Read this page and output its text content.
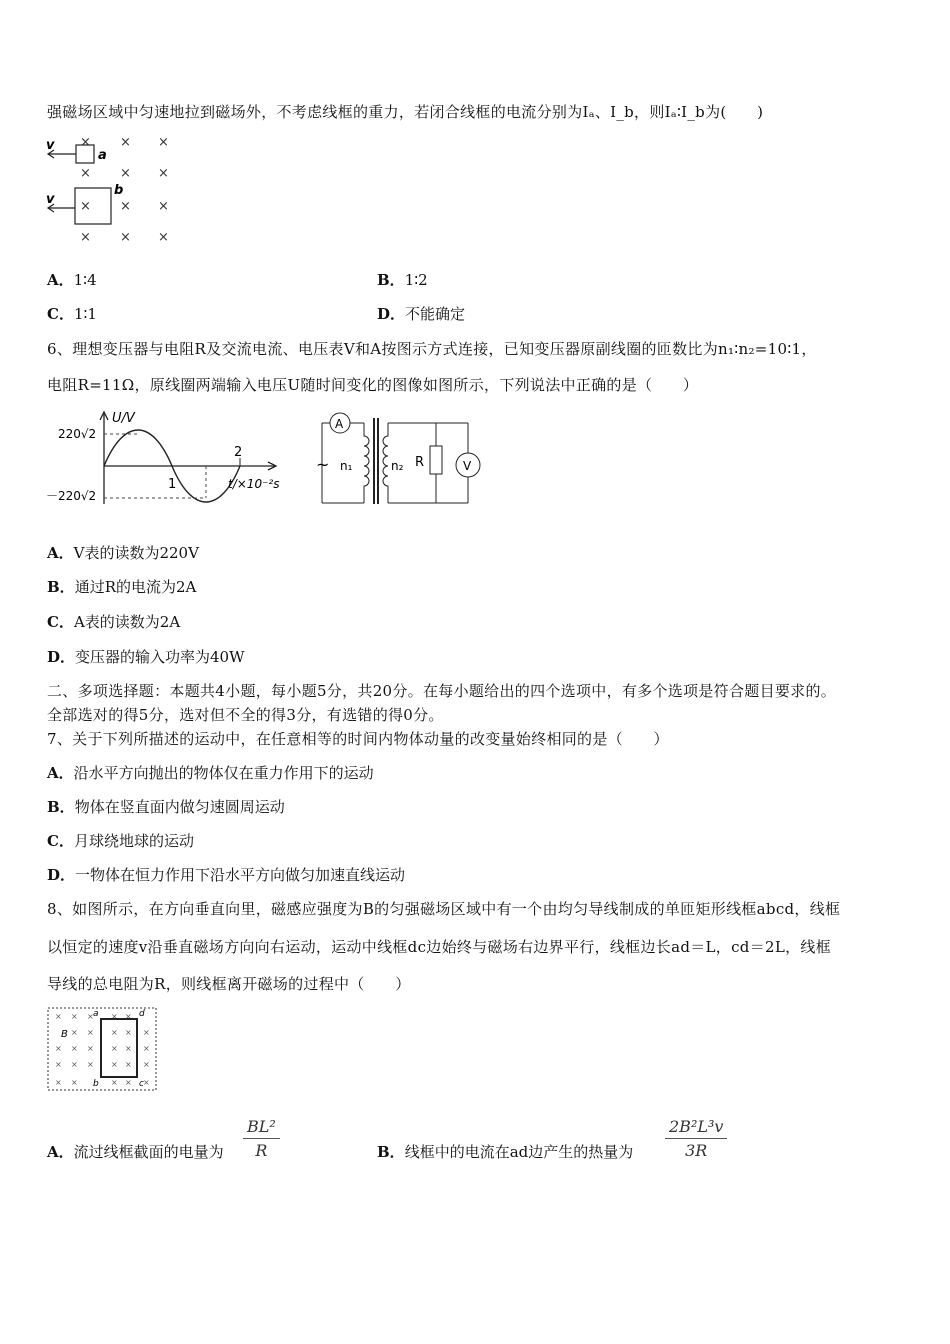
强磁场区域中匀速地拉到磁场外，不考虑线框的重力，若闭合线框的电流分别为Iₐ、I_b，则Iₐ∶I_b为(　　)
× × ×
× × ×
× ×
×
× × ×
v
a
v
b
A．1∶4	B．1∶2
C．1∶1	D．不能确定
6、理想变压器与电阻R及交流电流、电压表V和A按图示方式连接，已知变压器原副线圈的匝数比为n₁∶n₂=10∶1，
电阻R=11Ω，原线圈两端输入电压U随时间变化的图像如图所示，下列说法中正确的是（　　）
U/V
220√2
－220√2
1
2
t/×10⁻²s
A
~ n₁	n₂ R	V
A．V表的读数为220V
B．通过R的电流为2A
C．A表的读数为2A
D．变压器的输入功率为40W
二、多项选择题：本题共4小题，每小题5分，共20分。在每小题给出的四个选项中，有多个选项是符合题目要求的。
全部选对的得5分，选对但不全的得3分，有选错的得0分。
7、关于下列所描述的运动中，在任意相等的时间内物体动量的改变量始终相同的是（　　）
A．沿水平方向抛出的物体仅在重力作用下的运动
B．物体在竖直面内做匀速圆周运动
C．月球绕地球的运动
D．一物体在恒力作用下沿水平方向做匀加速直线运动
8、如图所示，在方向垂直向里，磁感应强度为B的匀强磁场区域中有一个由均匀导线制成的单匝矩形线框abcd，线框
以恒定的速度v沿垂直磁场方向向右运动，运动中线框dc边始终与磁场右边界平行，线框边长ad＝L，cd＝2L，线框
导线的总电阻为R，则线框离开磁场的过程中（　　）
× × × × ×
× × × × ×
× × × × × ×
× × × × × ×
× ×	× × ×
B
a	d
b	c
A．流过线框截面的电量为 $\frac{\text{BL²}}{R}$	B．线框中的电流在ad边产生的热量为 $\frac{\text{2B²L³v}}{3R}$
